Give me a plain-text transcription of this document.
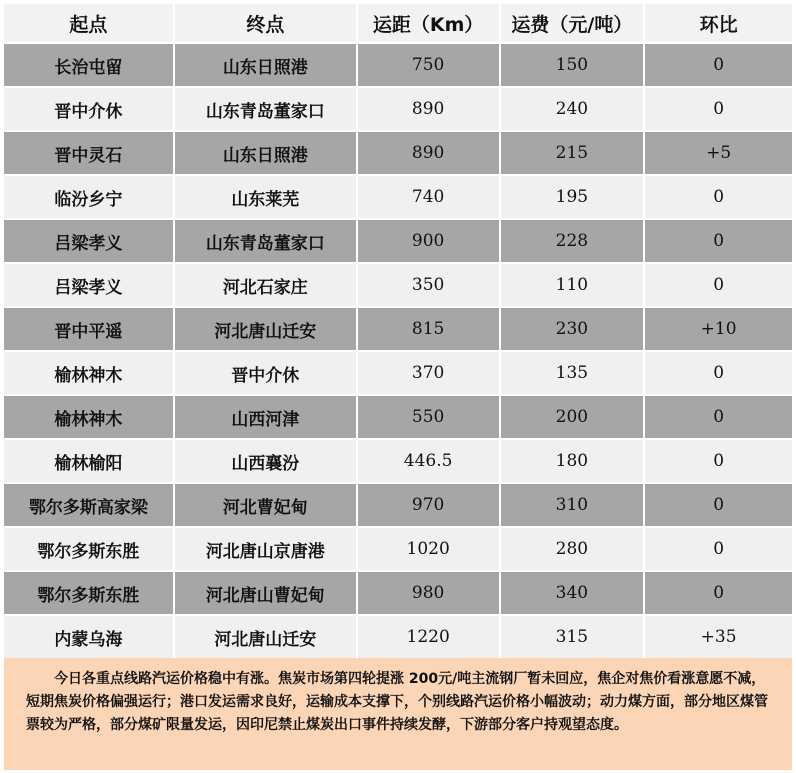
起点	终点	运距（Km）	运费（元/吨）	环比
长治屯留	山东日照港	750	150	0
晋中介休	山东青岛董家口	890	240	0
晋中灵石	山东日照港	890	215	+5
临汾乡宁	山东莱芜	740	195	0
吕梁孝义	山东青岛董家口	900	228	0
吕梁孝义	河北石家庄	350	110	0
晋中平遥	河北唐山迁安	815	230	+10
榆林神木	晋中介休	370	135	0
榆林神木	山西河津	550	200	0
榆林榆阳	山西襄汾	446.5	180	0
鄂尔多斯高家梁	河北曹妃甸	970	310	0
鄂尔多斯东胜	河北唐山京唐港	1020	280	0
鄂尔多斯东胜	河北唐山曹妃甸	980	340	0
内蒙乌海	河北唐山迁安	1220	315	+35
今日各重点线路汽运价格稳中有涨。焦炭市场第四轮提涨 200元/吨主流钢厂暂未回应，焦企对焦价看涨意愿不减，短期焦炭价格偏强运行；港口发运需求良好，运输成本支撑下，个别线路汽运价格小幅波动；动力煤方面，部分地区煤管票较为严格，部分煤矿限量发运，因印尼禁止煤炭出口事件持续发酵，下游部分客户持观望态度。
